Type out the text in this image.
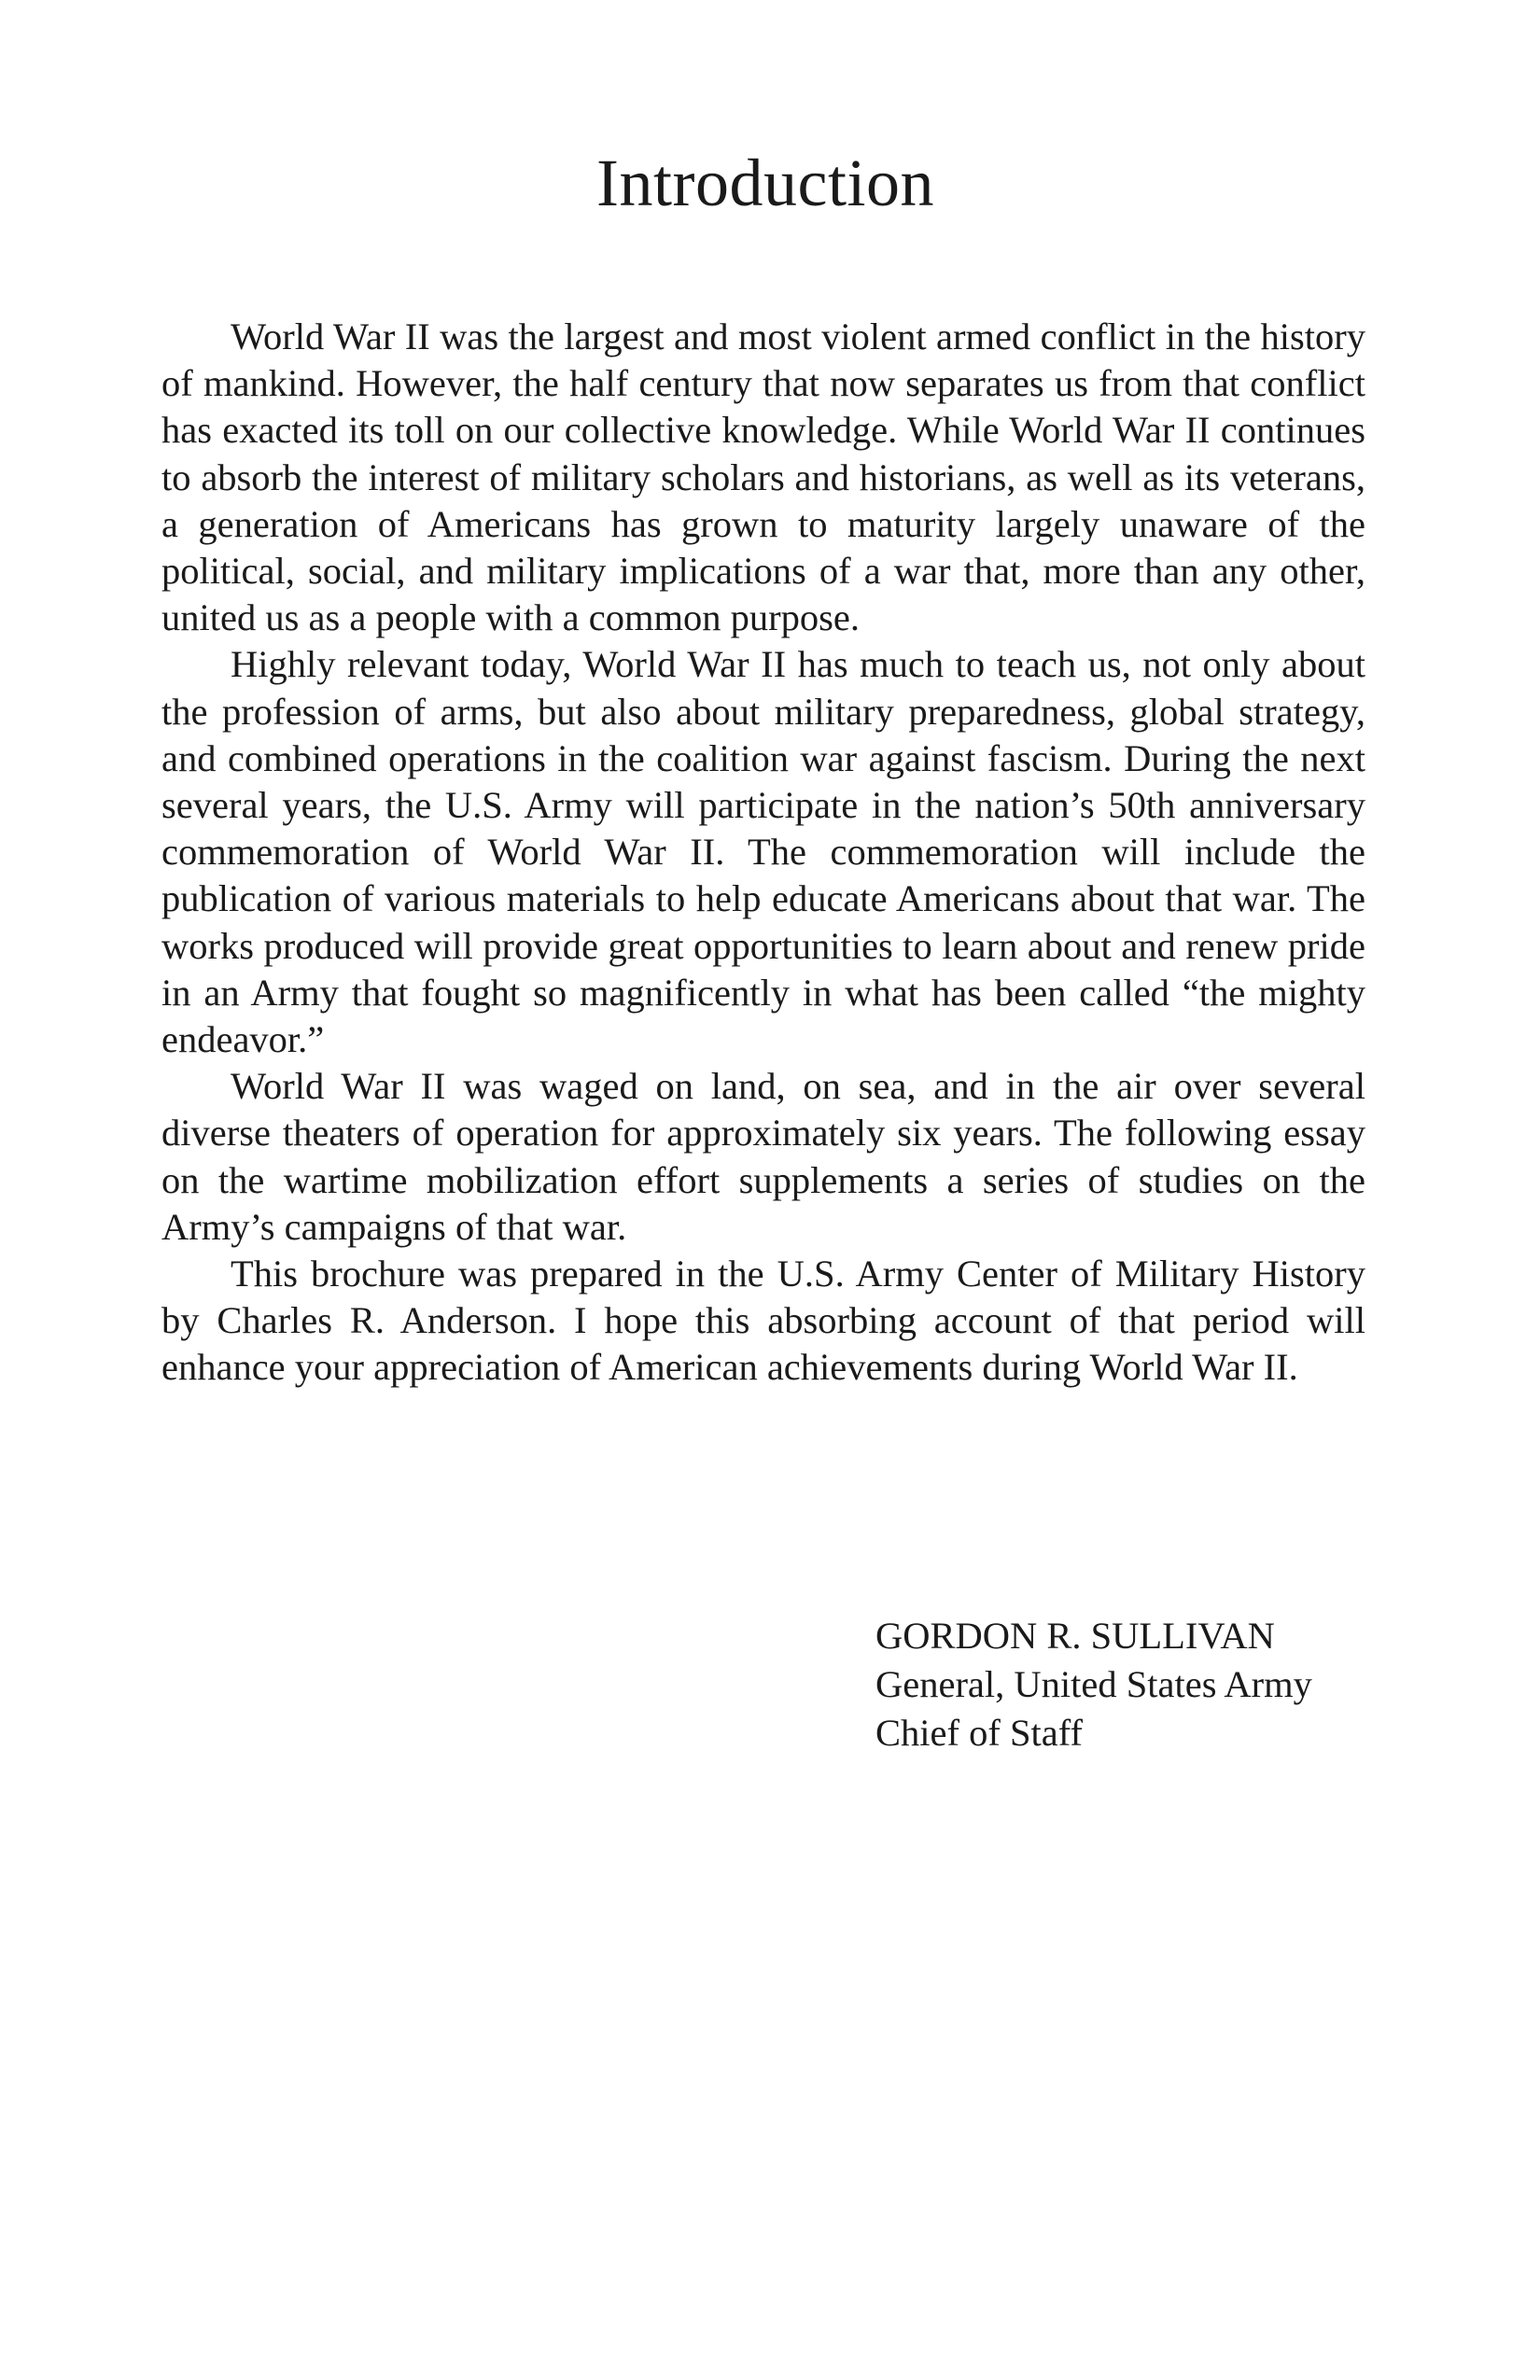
Introduction

World War II was the largest and most violent armed conflict in the history of mankind. However, the half century that now separates us from that conflict has exacted its toll on our collective knowledge. While World War II continues to absorb the interest of military scholars and historians, as well as its veterans, a generation of Americans has grown to maturity largely unaware of the political, social, and military implications of a war that, more than any other, united us as a people with a common purpose.

Highly relevant today, World War II has much to teach us, not only about the profession of arms, but also about military preparedness, global strategy, and combined operations in the coalition war against fascism. During the next several years, the U.S. Army will participate in the nation’s 50th anniversary commemoration of World War II. The commemoration will include the publication of various materials to help educate Americans about that war. The works produced will provide great opportunities to learn about and renew pride in an Army that fought so magnificently in what has been called “the mighty endeavor.”

World War II was waged on land, on sea, and in the air over several diverse theaters of operation for approximately six years. The following essay on the wartime mobilization effort supplements a series of studies on the Army’s campaigns of that war.

This brochure was prepared in the U.S. Army Center of Military History by Charles R. Anderson. I hope this absorbing account of that period will enhance your appreciation of American achievements during World War II.

GORDON R. SULLIVAN
General, United States Army
Chief of Staff
